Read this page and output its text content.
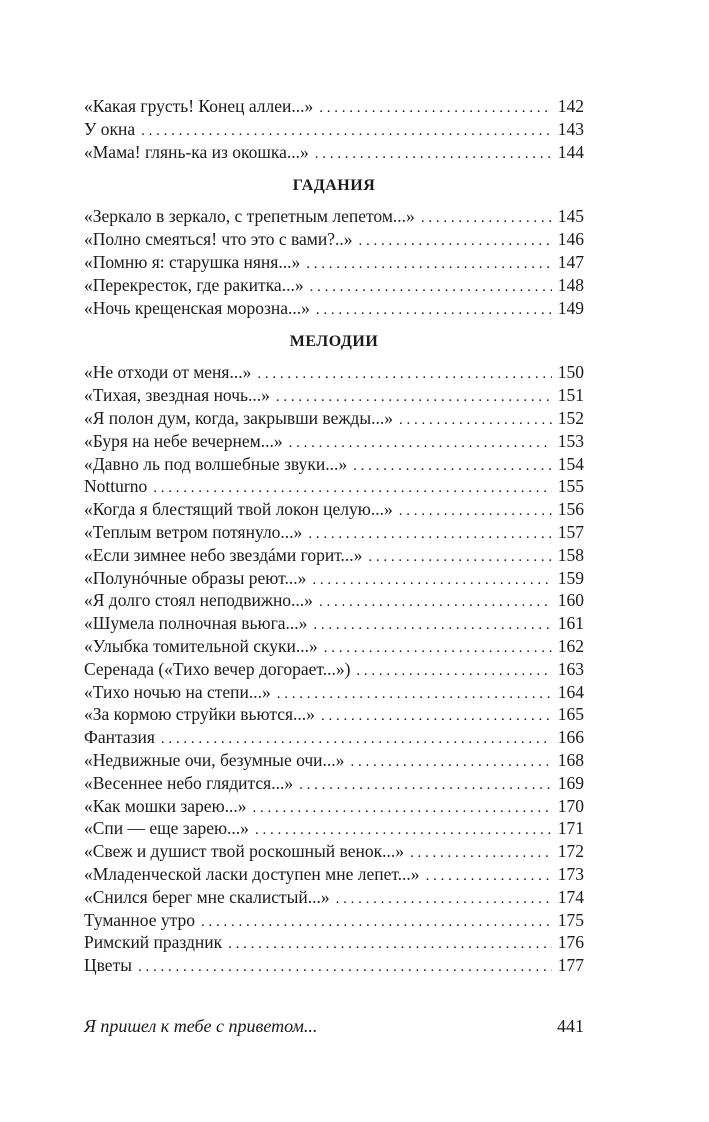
«Какая грусть! Конец аллеи...» . . .	142
У окна . . .	143
«Мама! глянь-ка из окошка...» . . .	144
ГАДАНИЯ
«Зеркало в зеркало, с трепетным лепетом...» . . .	145
«Полно смеяться! что это с вами?..» . . .	146
«Помню я: старушка няня...» . . .	147
«Перекресток, где ракитка...» . . .	148
«Ночь крещенская морозна...» . . .	149
МЕЛОДИИ
«Не отходи от меня...» . . .	150
«Тихая, звездная ночь...» . . .	151
«Я полон дум, когда, закрывши вежды...» . . .	152
«Буря на небе вечернем...» . . .	153
«Давно ль под волшебные звуки...» . . .	154
Notturno . . .	155
«Когда я блестящий твой локон целую...» . . .	156
«Теплым ветром потянуло...» . . .	157
«Если зимнее небо звездáми горит...» . . .	158
«Полунóчные образы реют...» . . .	159
«Я долго стоял неподвижно...» . . .	160
«Шумела полночная вьюга...» . . .	161
«Улыбка томительной скуки...» . . .	162
Серенада («Тихо вечер догорает...») . . .	163
«Тихо ночью на степи...» . . .	164
«За кормою струйки вьются...» . . .	165
Фантазия . . .	166
«Недвижные очи, безумные очи...» . . .	168
«Весеннее небо глядится...» . . .	169
«Как мошки зарею...» . . .	170
«Спи — еще зарею...» . . .	171
«Свеж и душист твой роскошный венок...» . . .	172
«Младенческой ласки доступен мне лепет...» . . .	173
«Снился берег мне скалистый...» . . .	174
Туманное утро . . .	175
Римский праздник . . .	176
Цветы . . .	177
Я пришел к тебе с приветом...	441
